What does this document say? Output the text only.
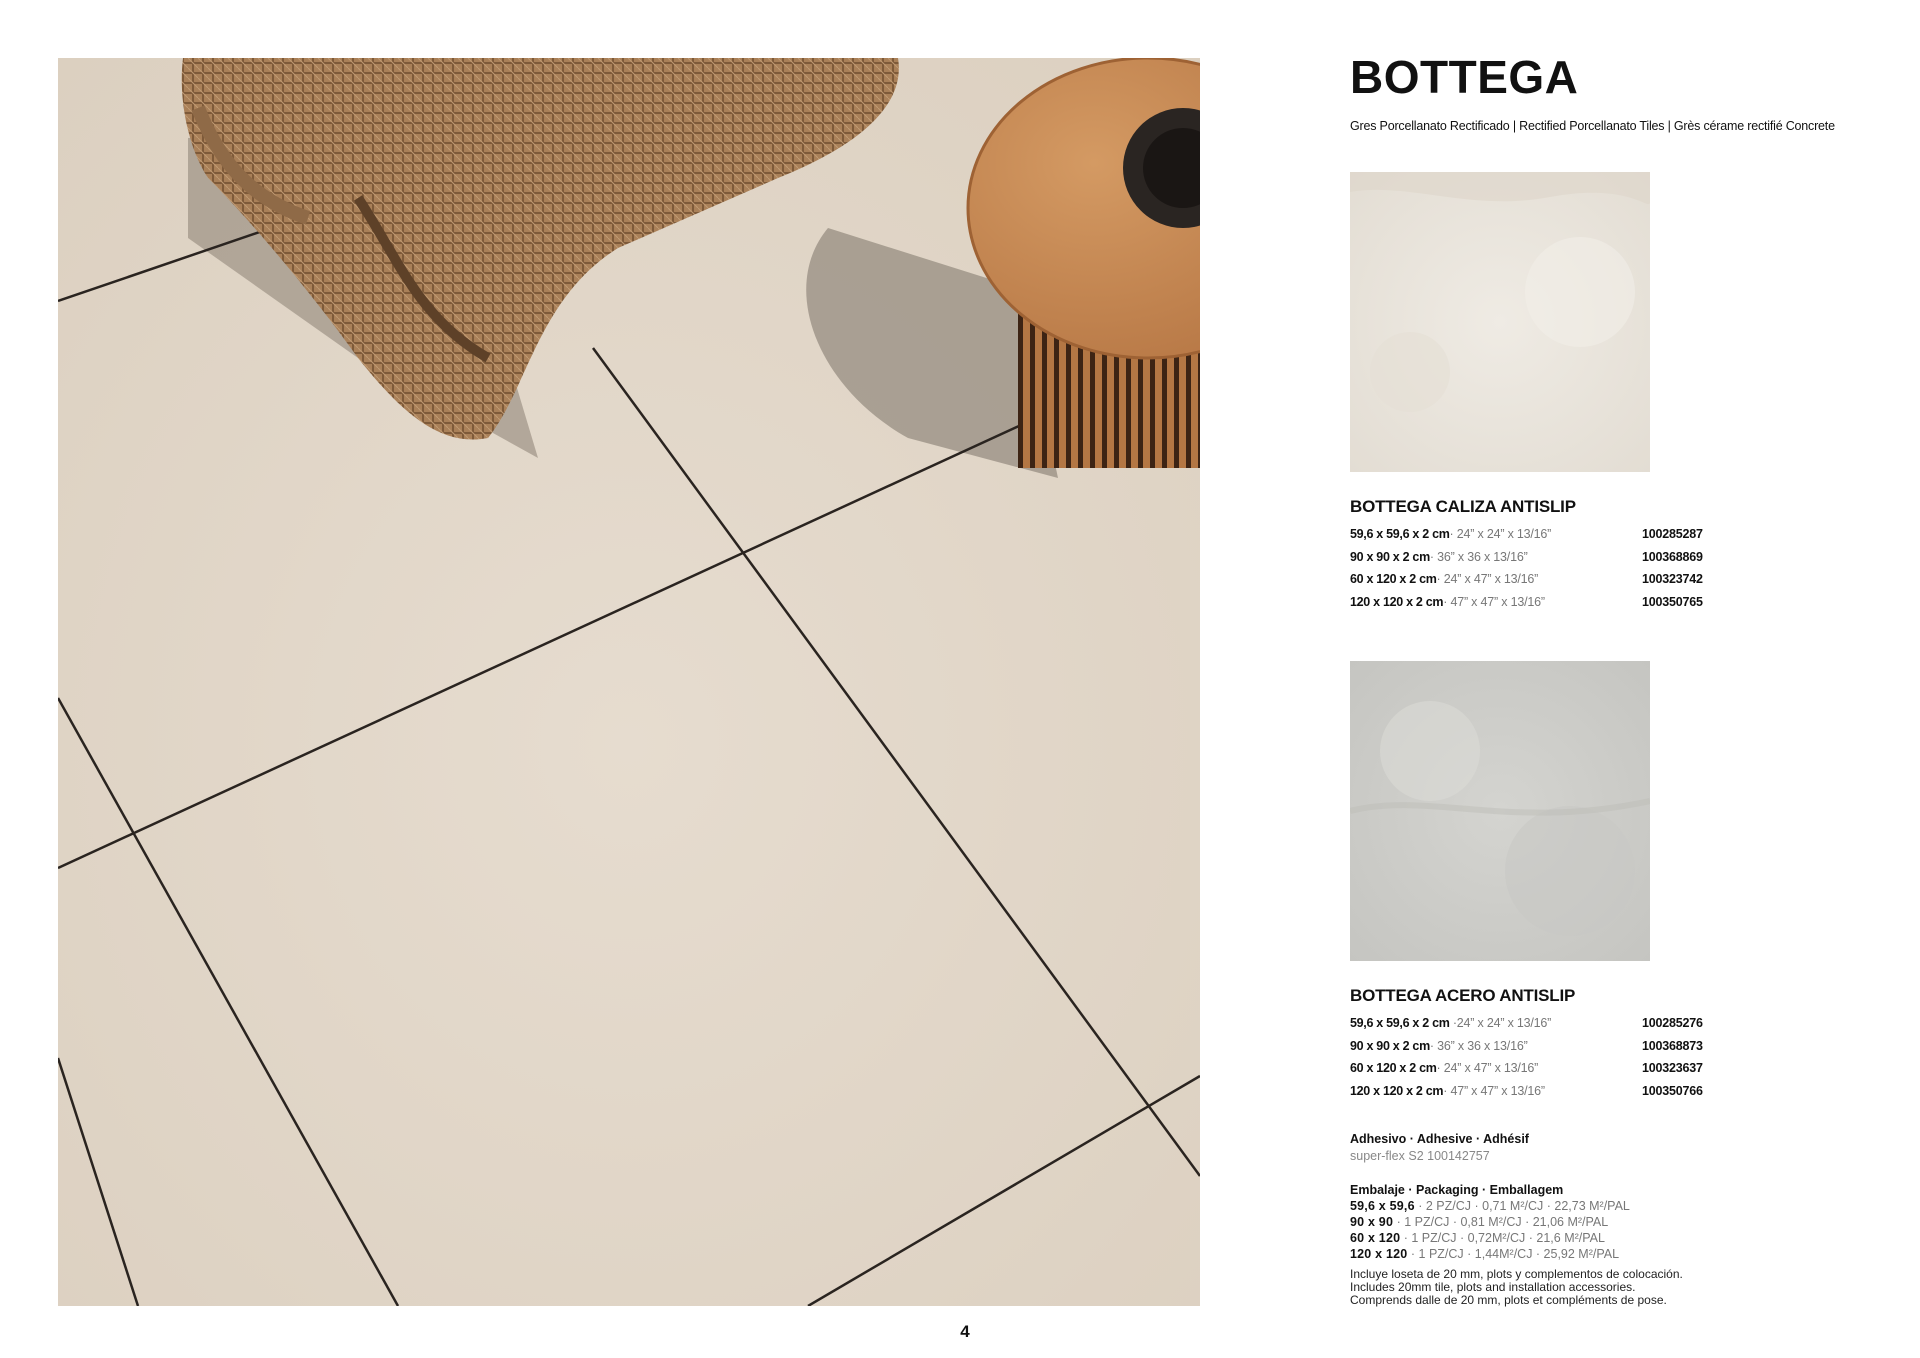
BOTTEGA

Gres Porcellanato Rectificado | Rectified Porcellanato Tiles | Grès cérame rectifié Concrete

BOTTEGA CALIZA ANTISLIP
59,6 x 59,6 x 2 cm· 24” x 24” x 13/16”	100285287
90 x 90 x 2 cm· 36” x 36 x 13/16”	100368869
60 x 120 x 2 cm· 24” x 47” x 13/16”	100323742
120 x 120 x 2 cm· 47” x 47” x 13/16”	100350765
BOTTEGA ACERO ANTISLIP
59,6 x 59,6 x 2 cm ·24” x 24” x 13/16”	100285276
90 x 90 x 2 cm· 36” x 36 x 13/16”	100368873
60 x 120 x 2 cm· 24” x 47” x 13/16”	100323637
120 x 120 x 2 cm· 47” x 47” x 13/16”	100350766
Adhesivo · Adhesive · Adhésif
super-flex S2 100142757
Embalaje · Packaging · Emballagem
59,6 x 59,6 · 2 PZ/CJ · 0,71 M²/CJ · 22,73 M²/PAL
90 x 90 · 1 PZ/CJ · 0,81 M²/CJ · 21,06 M²/PAL
60 x 120 · 1 PZ/CJ · 0,72M²/CJ · 21,6 M²/PAL
120 x 120 · 1 PZ/CJ · 1,44M²/CJ · 25,92 M²/PAL
Incluye loseta de 20 mm, plots y complementos de colocación.
Includes 20mm tile, plots and installation accessories.
Comprends dalle de 20 mm, plots et compléments de pose.
4
